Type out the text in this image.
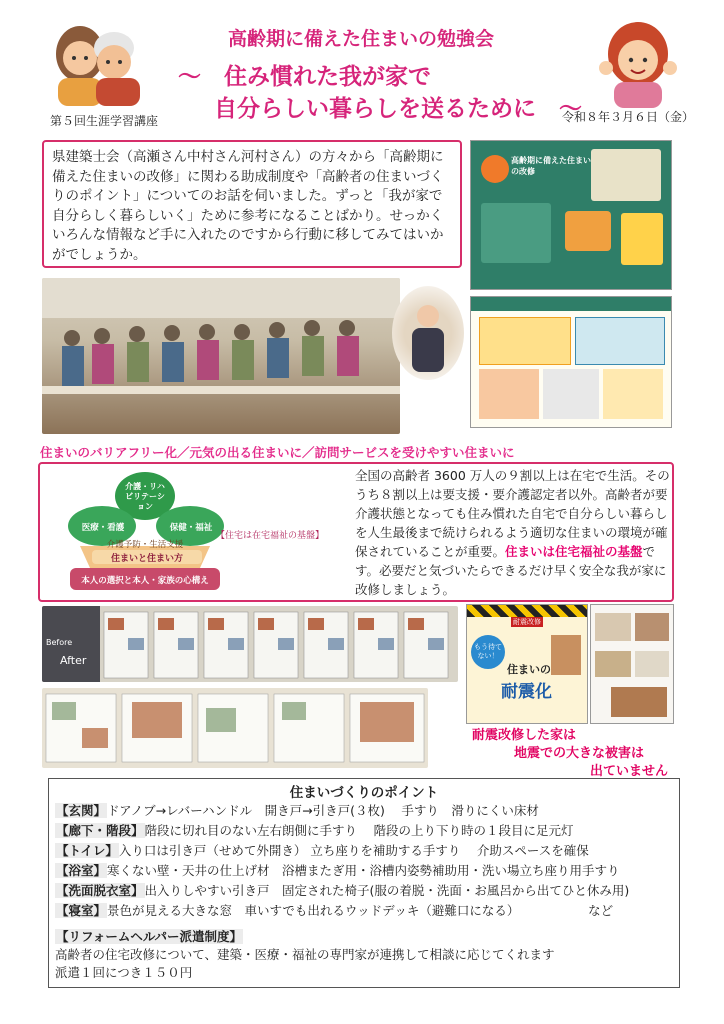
高齢期に備えた住まいの勉強会
～　住み慣れた我が家で
自分らしい暮らしを送るために　～
第５回生涯学習講座	令和８年３月６日（金）
県建築士会（高瀬さん中村さん河村さん）の方々から「高齢期に備えた住まいの改修」に関わる助成制度や「高齢者の住まいづくりのポイント」についてのお話を伺いました。ずっと「我が家で自分らしく暮らしいく」ために参考になることばかり。せっかくいろんな情報など手に入れたのですから行動に移してみてはいかがでしょうか。
高齢期に備えた住まいの改修
住まいのバリアフリー化／元気の出る住まいに／訪問サービスを受けやすい住まいに
介護・リハビリテーション
医療・看護	保健・福祉
介護予防・生活支援
住まいと住まい方
本人の選択と本人・家族の心構え
【住宅は在宅福祉の基盤】
全国の高齢者 3600 万人の９割以上は在宅で生活。そのうち８割以上は要支援・要介護認定者以外。高齢者が要介護状態となっても住み慣れた自宅で自分らしい暮らしを人生最後まで続けられるよう適切な住まいの環境が確保されていることが重要。住まいは住宅福祉の基盤です。必要だと気づいたらできるだけ早く安全な我が家に改修しましょう。
Before
After
耐震改修
もう待てない！
住まいの
耐震化
耐震改修した家は
地震での大きな被害は
出ていません
住まいづくりのポイント
【玄関】ドアノブ→レバーハンドル　開き戸→引き戸(３枚)　 手すり　滑りにくい床材
【廊下・階段】階段に切れ目のない左右朗側に手すり　 階段の上り下り時の１段目に足元灯
【トイレ】入り口は引き戸（せめて外開き） 立ち座りを補助する手すり　 介助スペースを確保
【浴室】寒くない壁・天井の仕上げ材　浴槽またぎ用・浴槽内姿勢補助用・洗い場立ち座り用手すり
【洗面脱衣室】出入りしやすい引き戸　固定された椅子(服の着脱・洗面・お風呂から出てひと休み用)
【寝室】景色が見える大きな窓　車いすでも出れるウッドデッキ（避難口になる）　　　　　　など
【リフォームヘルパー派遣制度】
高齢者の住宅改修について、建築・医療・福祉の専門家が連携して相談に応じてくれます
派遣１回につき１５０円
